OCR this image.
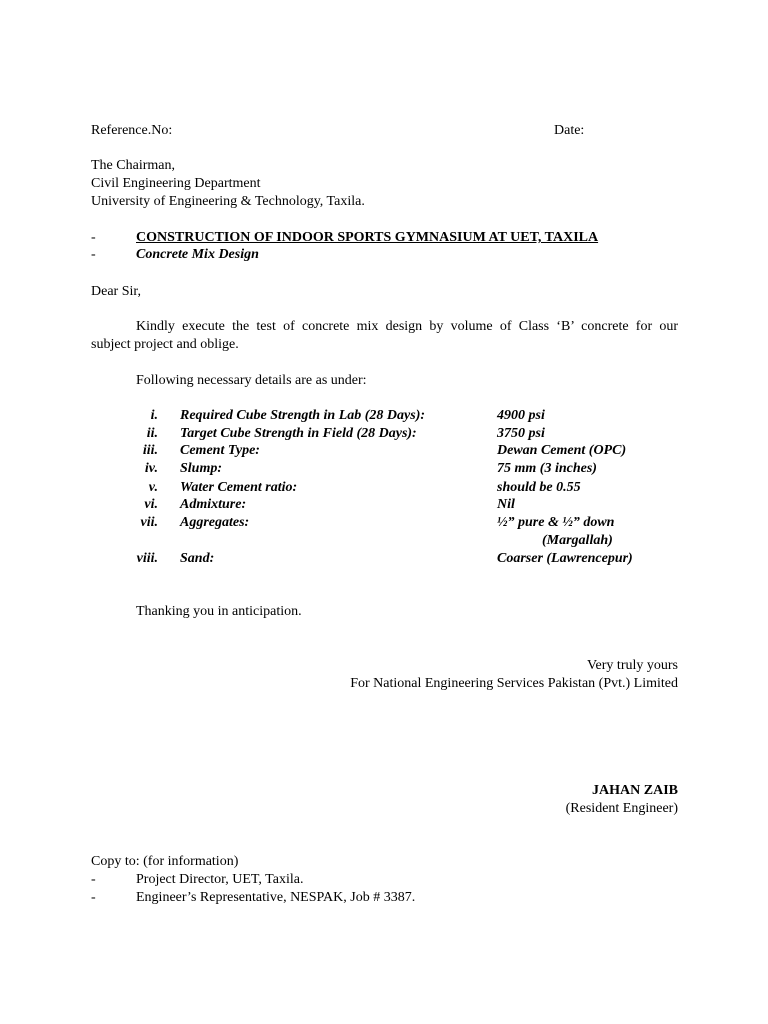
Reference.No:	Date:
The Chairman,
Civil Engineering Department
University of Engineering & Technology, Taxila.
-	CONSTRUCTION OF INDOOR SPORTS GYMNASIUM AT UET, TAXILA
-	Concrete Mix Design
Dear Sir,
Kindly execute the test of concrete mix design by volume of Class ‘B’ concrete for our
subject project and oblige.
Following necessary details are as under:
i. Required Cube Strength in Lab (28 Days):	4900 psi
ii. Target Cube Strength in Field (28 Days):	3750 psi
iii. Cement Type:	Dewan Cement (OPC)
iv. Slump:	75 mm (3 inches)
v. Water Cement ratio:	should be 0.55
vi. Admixture:	Nil
vii. Aggregates:	½” pure & ½” down
(Margallah)
viii. Sand:	Coarser (Lawrencepur)
Thanking you in anticipation.
Very truly yours
For National Engineering Services Pakistan (Pvt.) Limited
JAHAN ZAIB
(Resident Engineer)
Copy to: (for information)
-	Project Director, UET, Taxila.
-	Engineer’s Representative, NESPAK, Job # 3387.
